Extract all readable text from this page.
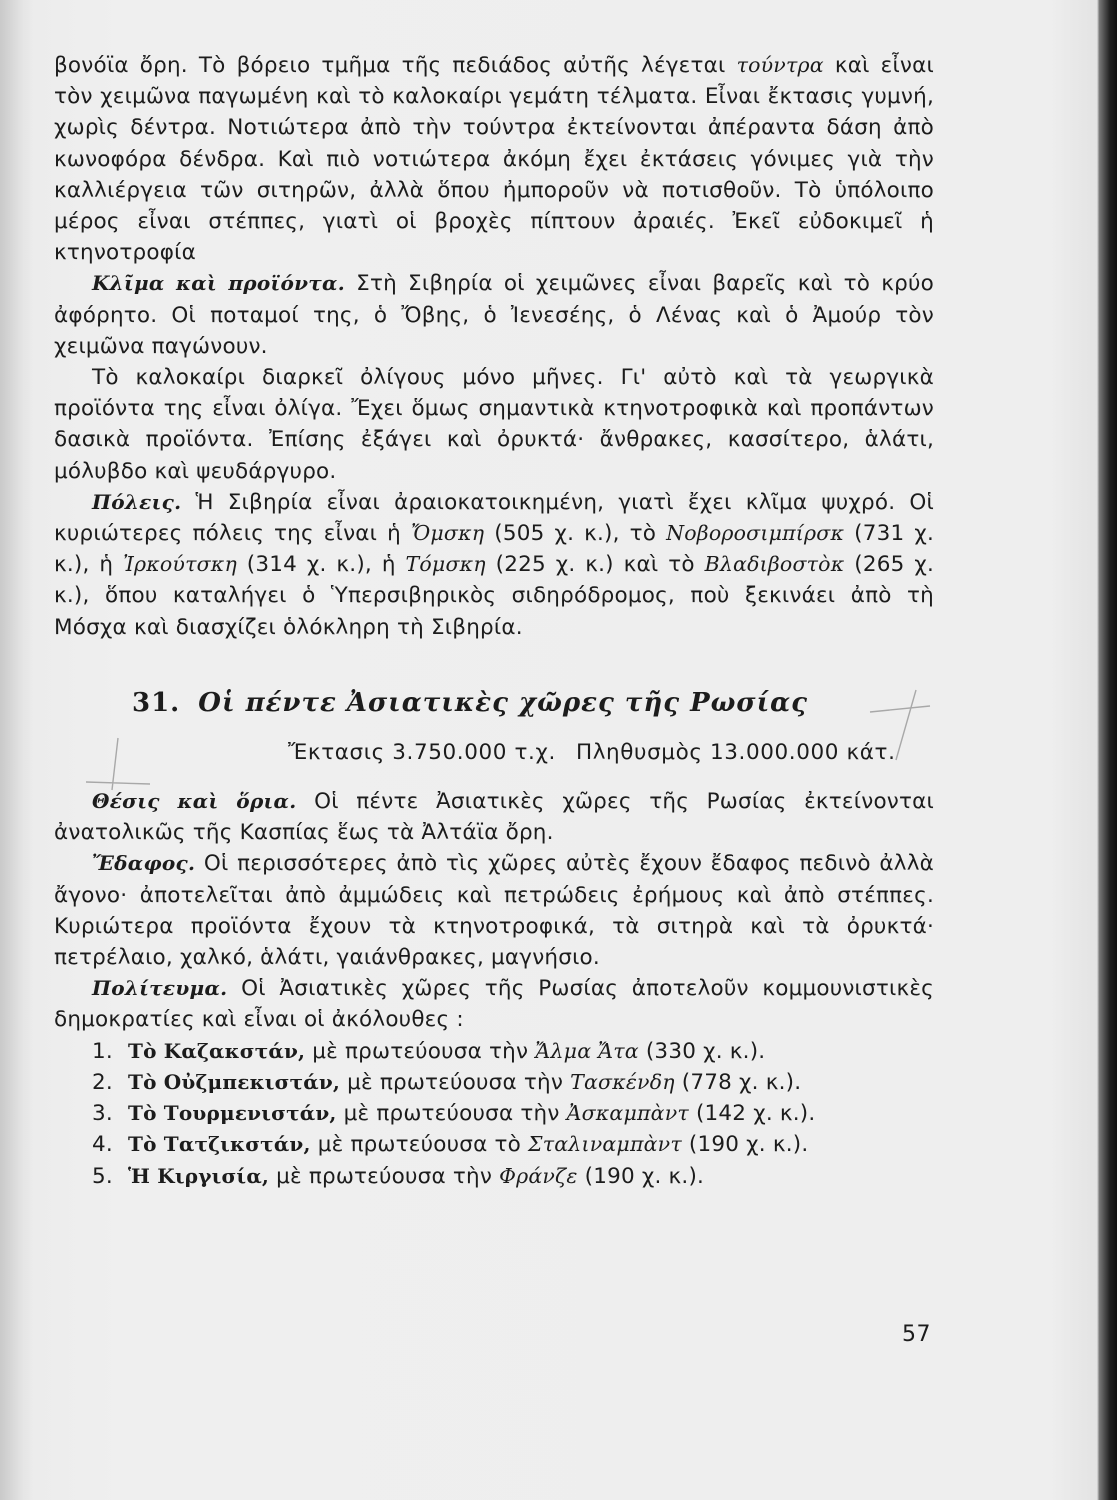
βονόϊα ὄρη. Τὸ βόρειο τμῆμα τῆς πεδιάδος αὐτῆς λέγεται τούντρα καὶ εἶναι τὸν χειμῶνα παγωμένη καὶ τὸ καλοκαίρι γεμάτη τέλματα. Εἶναι ἔκτασις γυμνή, χωρὶς δέντρα. Νοτιώτερα ἀπὸ τὴν τούντρα ἐκτείνονται ἀπέραντα δάση ἀπὸ κωνοφόρα δένδρα. Καὶ πιὸ νοτιώτερα ἀκόμη ἔχει ἐκτάσεις γόνιμες γιὰ τὴν καλλιέργεια τῶν σιτηρῶν, ἀλλὰ ὅπου ἠμποροῦν νὰ ποτισθοῦν. Τὸ ὑπόλοιπο μέρος εἶναι στέππες, γιατὶ οἱ βροχὲς πίπτουν ἀραιές. Ἐκεῖ εὐδοκιμεῖ ἡ κτηνοτροφία

Κλῖμα καὶ προϊόντα. Στὴ Σιβηρία οἱ χειμῶνες εἶναι βαρεῖς καὶ τὸ κρύο ἀφόρητο. Οἱ ποταμοί της, ὁ Ὄβης, ὁ Ἰενεσέης, ὁ Λένας καὶ ὁ Ἀμούρ τὸν χειμῶνα παγώνουν.

Τὸ καλοκαίρι διαρκεῖ ὀλίγους μόνο μῆνες. Γι' αὐτὸ καὶ τὰ γεωργικὰ προϊόντα της εἶναι ὀλίγα. Ἔχει ὅμως σημαντικὰ κτηνοτροφικὰ καὶ προπάντων δασικὰ προϊόντα. Ἐπίσης ἐξάγει καὶ ὀρυκτά· ἄνθρακες, κασσίτερο, ἁλάτι, μόλυβδο καὶ ψευδάργυρο.

Πόλεις. Ἡ Σιβηρία εἶναι ἀραιοκατοικημένη, γιατὶ ἔχει κλῖμα ψυχρό. Οἱ κυριώτερες πόλεις της εἶναι ἡ Ὄμσκη (505 χ. κ.), τὸ Νοβοροσιμπίρσκ (731 χ. κ.), ἡ Ἰρκούτσκη (314 χ. κ.), ἡ Τόμσκη (225 χ. κ.) καὶ τὸ Βλαδιβοστὸκ (265 χ. κ.), ὅπου καταλήγει ὁ Ὑπερσιβηρικὸς σιδηρόδρομος, ποὺ ξεκινάει ἀπὸ τὴ Μόσχα καὶ διασχίζει ὁλόκληρη τὴ Σιβηρία.

31. Οἱ πέντε Ἀσιατικὲς χῶρες τῆς Ρωσίας
Ἔκτασις 3.750.000 τ.χ. Πληθυσμὸς 13.000.000 κάτ.

Θέσις καὶ ὅρια. Οἱ πέντε Ἀσιατικὲς χῶρες τῆς Ρωσίας ἐκτείνονται ἀνατολικῶς τῆς Κασπίας ἕως τὰ Ἀλτάϊα ὄρη.

Ἔδαφος. Οἱ περισσότερες ἀπὸ τὶς χῶρες αὐτὲς ἔχουν ἔδαφος πεδινὸ ἀλλὰ ἄγονο· ἀποτελεῖται ἀπὸ ἀμμώδεις καὶ πετρώδεις ἐρήμους καὶ ἀπὸ στέππες. Κυριώτερα προϊόντα ἔχουν τὰ κτηνοτροφικά, τὰ σιτηρὰ καὶ τὰ ὀρυκτά· πετρέλαιο, χαλκό, ἁλάτι, γαιάνθρακες, μαγνήσιο.

Πολίτευμα. Οἱ Ἀσιατικὲς χῶρες τῆς Ρωσίας ἀποτελοῦν κομμουνιστικὲς δημοκρατίες καὶ εἶναι οἱ ἀκόλουθες :

1. Τὸ Καζακστάν, μὲ πρωτεύουσα τὴν Ἄλμα Ἄτα (330 χ. κ.).
2. Τὸ Οὐζμπεκιστάν, μὲ πρωτεύουσα τὴν Τασκένδη (778 χ. κ.).
3. Τὸ Τουρμενιστάν, μὲ πρωτεύουσα τὴν Ἀσκαμπὰντ (142 χ. κ.).
4. Τὸ Τατζικστάν, μὲ πρωτεύουσα τὸ Σταλιναμπὰντ (190 χ. κ.).
5. Ἡ Κιργισία, μὲ πρωτεύουσα τὴν Φράνζε (190 χ. κ.).
57
